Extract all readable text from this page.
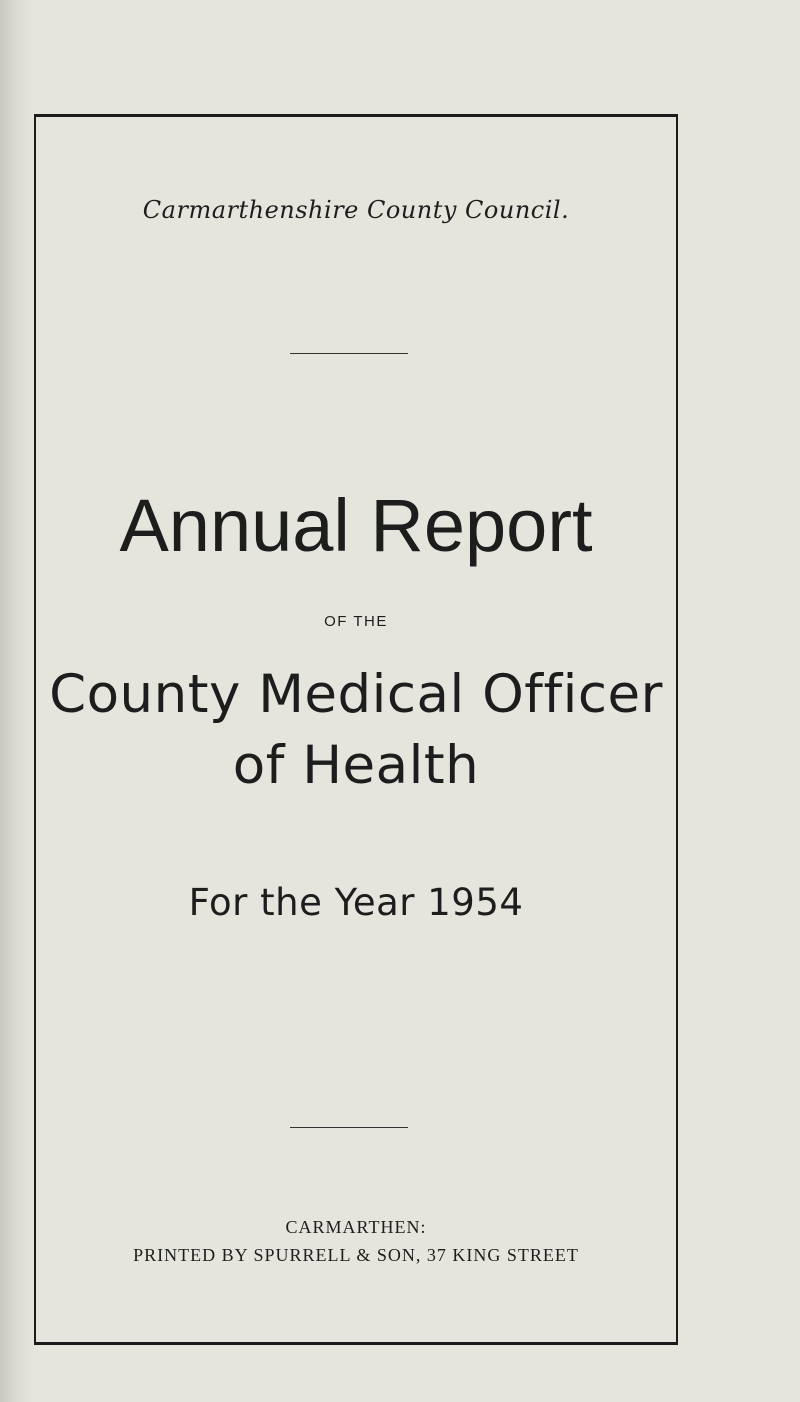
Carmarthenshire County Council.
Annual Report
OF THE
County Medical Officer
of Health
For the Year 1954
CARMARTHEN:
PRINTED BY SPURRELL & SON, 37 KING STREET
